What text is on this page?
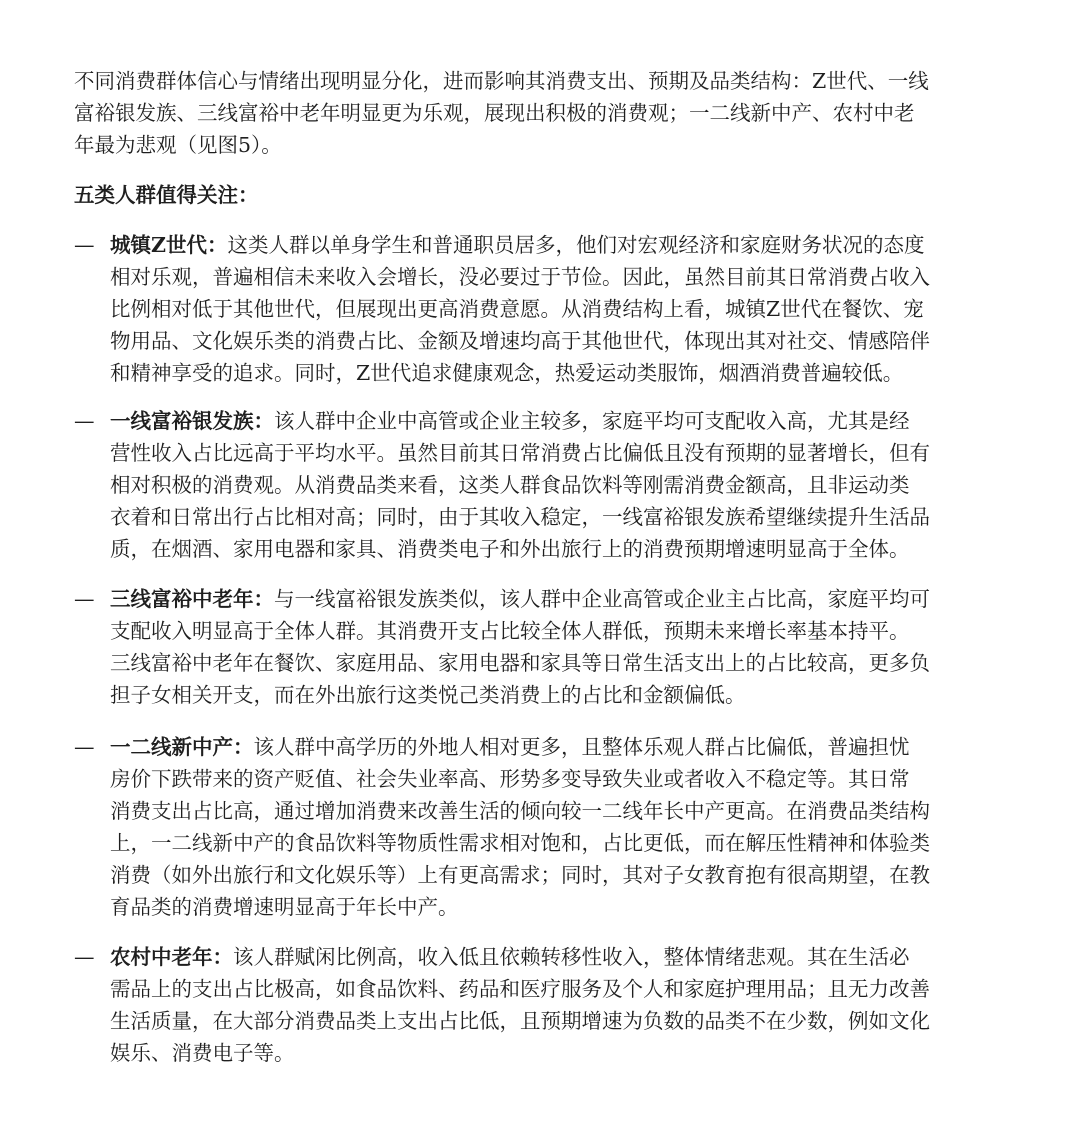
不同消费群体信心与情绪出现明显分化，进而影响其消费支出、预期及品类结构：Z世代、一线
富裕银发族、三线富裕中老年明显更为乐观，展现出积极的消费观；一二线新中产、农村中老
年最为悲观（见图5）。
五类人群值得关注：
— 城镇Z世代：这类人群以单身学生和普通职员居多，他们对宏观经济和家庭财务状况的态度
相对乐观，普遍相信未来收入会增长，没必要过于节俭。因此，虽然目前其日常消费占收入
比例相对低于其他世代，但展现出更高消费意愿。从消费结构上看，城镇Z世代在餐饮、宠
物用品、文化娱乐类的消费占比、金额及增速均高于其他世代，体现出其对社交、情感陪伴
和精神享受的追求。同时，Z世代追求健康观念，热爱运动类服饰，烟酒消费普遍较低。
— 一线富裕银发族：该人群中企业中高管或企业主较多，家庭平均可支配收入高，尤其是经
营性收入占比远高于平均水平。虽然目前其日常消费占比偏低且没有预期的显著增长，但有
相对积极的消费观。从消费品类来看，这类人群食品饮料等刚需消费金额高，且非运动类
衣着和日常出行占比相对高；同时，由于其收入稳定，一线富裕银发族希望继续提升生活品
质，在烟酒、家用电器和家具、消费类电子和外出旅行上的消费预期增速明显高于全体。
— 三线富裕中老年：与一线富裕银发族类似，该人群中企业高管或企业主占比高，家庭平均可
支配收入明显高于全体人群。其消费开支占比较全体人群低，预期未来增长率基本持平。
三线富裕中老年在餐饮、家庭用品、家用电器和家具等日常生活支出上的占比较高，更多负
担子女相关开支，而在外出旅行这类悦己类消费上的占比和金额偏低。
— 一二线新中产：该人群中高学历的外地人相对更多，且整体乐观人群占比偏低，普遍担忧
房价下跌带来的资产贬值、社会失业率高、形势多变导致失业或者收入不稳定等。其日常
消费支出占比高，通过增加消费来改善生活的倾向较一二线年长中产更高。在消费品类结构
上，一二线新中产的食品饮料等物质性需求相对饱和，占比更低，而在解压性精神和体验类
消费（如外出旅行和文化娱乐等）上有更高需求；同时，其对子女教育抱有很高期望，在教
育品类的消费增速明显高于年长中产。
— 农村中老年：该人群赋闲比例高，收入低且依赖转移性收入，整体情绪悲观。其在生活必
需品上的支出占比极高，如食品饮料、药品和医疗服务及个人和家庭护理用品；且无力改善
生活质量，在大部分消费品类上支出占比低，且预期增速为负数的品类不在少数，例如文化
娱乐、消费电子等。
